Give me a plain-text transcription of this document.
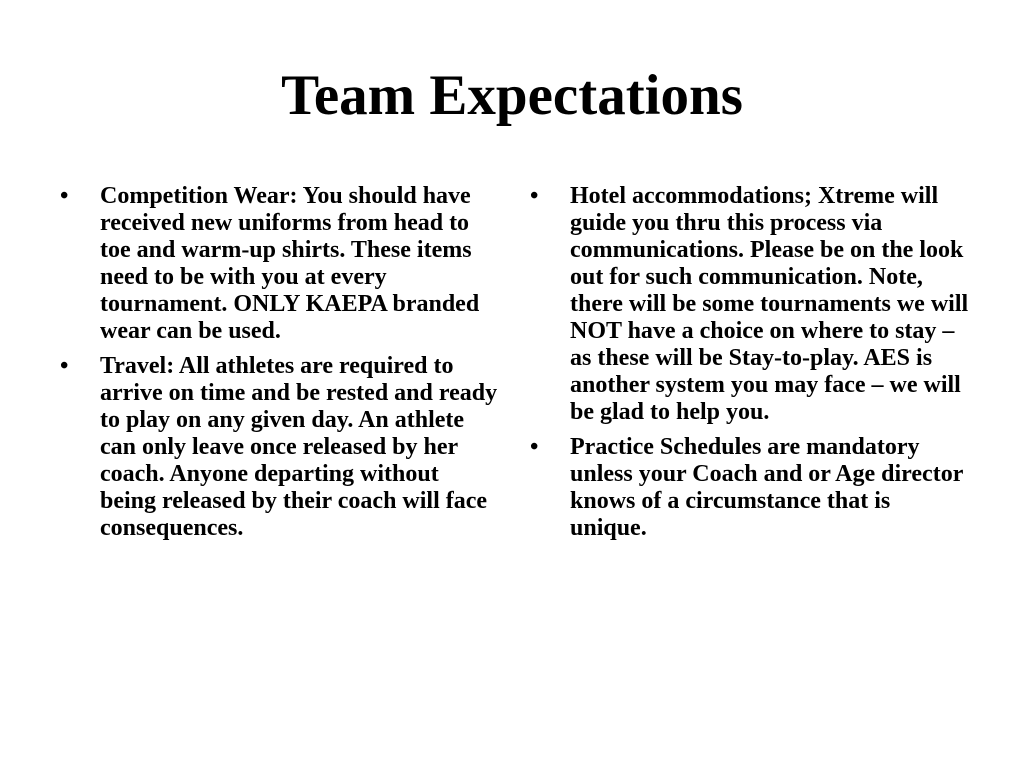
Team Expectations
•	Competition Wear: You should have received new uniforms from head to toe and warm-up shirts. These items need to be with you at every tournament. ONLY KAEPA branded wear can be used.
•	Travel: All athletes are required to arrive on time and be rested and ready to play on any given day. An athlete can only leave once released by her coach. Anyone departing without being released by their coach will face consequences.
•	Hotel accommodations; Xtreme will guide you thru this process via communications. Please be on the look out for such communication. Note, there will be some tournaments we will NOT have a choice on where to stay – as these will be Stay-to-play. AES is another system you may face – we will be glad to help you.
•	Practice Schedules are mandatory unless your Coach and or Age director knows of a circumstance that is unique.
